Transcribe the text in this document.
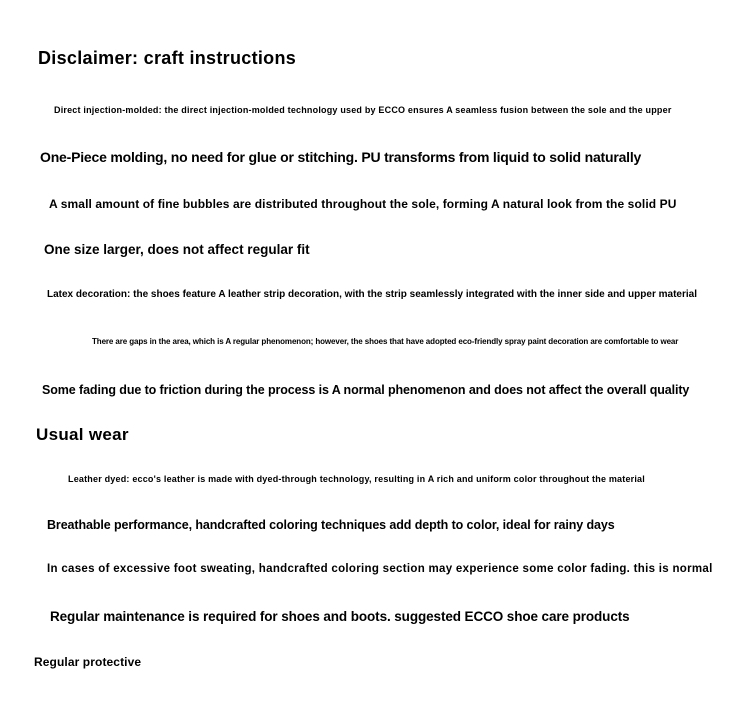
Disclaimer: craft instructions
Direct injection-molded: the direct injection-molded technology used by ECCO ensures A seamless fusion between the sole and the upper
One-Piece molding, no need for glue or stitching. PU transforms from liquid to solid naturally
A small amount of fine bubbles are distributed throughout the sole, forming A natural look from the solid PU
One size larger, does not affect regular fit
Latex decoration: the shoes feature A leather strip decoration, with the strip seamlessly integrated with the inner side and upper material
There are gaps in the area, which is A regular phenomenon; however, the shoes that have adopted eco-friendly spray paint decoration are comfortable to wear
Some fading due to friction during the process is A normal phenomenon and does not affect the overall quality
Usual wear
Leather dyed: ecco's leather is made with dyed-through technology, resulting in A rich and uniform color throughout the material
Breathable performance, handcrafted coloring techniques add depth to color, ideal for rainy days
In cases of excessive foot sweating, handcrafted coloring section may experience some color fading. this is normal
Regular maintenance is required for shoes and boots. suggested ECCO shoe care products
Regular protective
